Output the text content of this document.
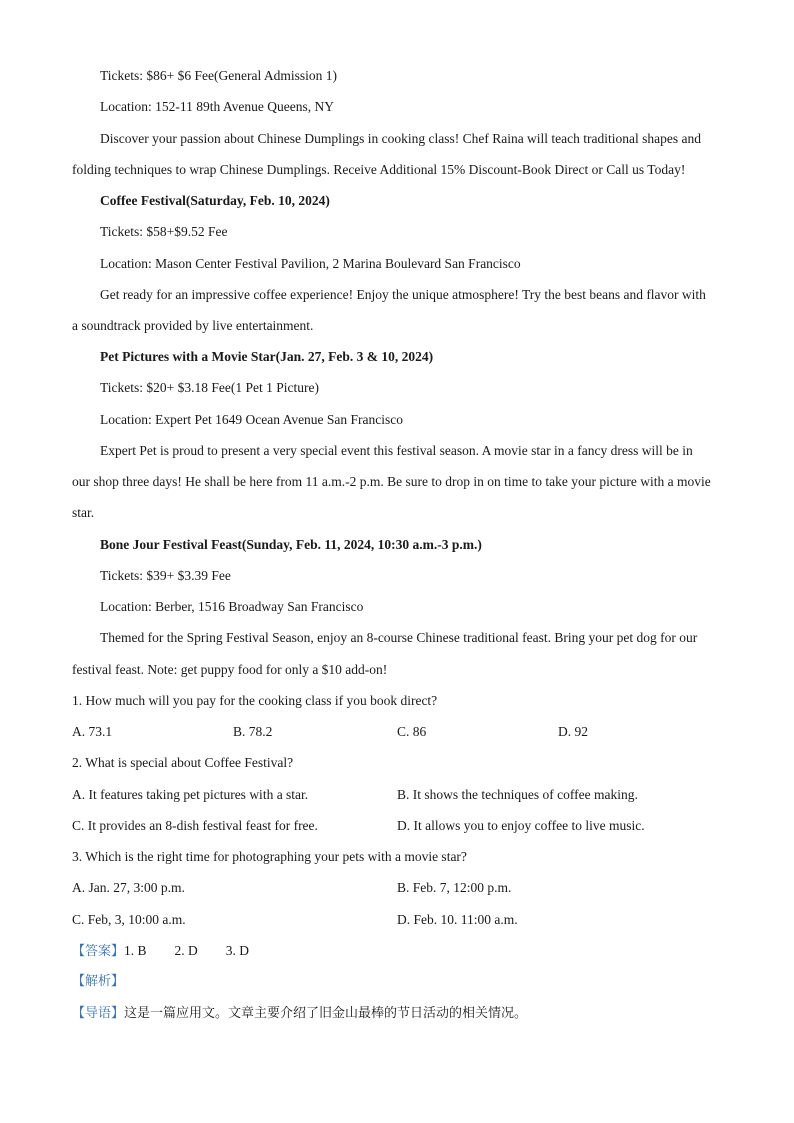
Tickets: $86+ $6 Fee(General Admission 1)
Location: 152-11 89th Avenue Queens, NY
Discover your passion about Chinese Dumplings in cooking class! Chef Raina will teach traditional shapes and
folding techniques to wrap Chinese Dumplings. Receive Additional 15% Discount-Book Direct or Call us Today!
Coffee Festival(Saturday, Feb. 10, 2024)
Tickets: $58+$9.52 Fee
Location: Mason Center Festival Pavilion, 2 Marina Boulevard San Francisco
Get ready for an impressive coffee experience! Enjoy the unique atmosphere! Try the best beans and flavor with
a soundtrack provided by live entertainment.
Pet Pictures with a Movie Star(Jan. 27, Feb. 3 & 10, 2024)
Tickets: $20+ $3.18 Fee(1 Pet 1 Picture)
Location: Expert Pet 1649 Ocean Avenue San Francisco
Expert Pet is proud to present a very special event this festival season. A movie star in a fancy dress will be in
our shop three days! He shall be here from 11 a.m.-2 p.m. Be sure to drop in on time to take your picture with a movie
star.
Bone Jour Festival Feast(Sunday, Feb. 11, 2024, 10:30 a.m.-3 p.m.)
Tickets: $39+ $3.39 Fee
Location: Berber, 1516 Broadway San Francisco
Themed for the Spring Festival Season, enjoy an 8-course Chinese traditional feast. Bring your pet dog for our
festival feast. Note: get puppy food for only a $10 add-on!
1. How much will you pay for the cooking class if you book direct?
A. 73.1	B. 78.2	C. 86	D. 92
2. What is special about Coffee Festival?
A. It features taking pet pictures with a star.	B. It shows the techniques of coffee making.
C. It provides an 8-dish festival feast for free.	D. It allows you to enjoy coffee to live music.
3. Which is the right time for photographing your pets with a movie star?
A. Jan. 27, 3:00 p.m.	B. Feb. 7, 12:00 p.m.
C. Feb, 3, 10:00 a.m.	D. Feb. 10. 11:00 a.m.
【答案】1. B 2. D 3. D
【解析】
【导语】这是一篇应用文。文章主要介绍了旧金山最棒的节日活动的相关情况。
